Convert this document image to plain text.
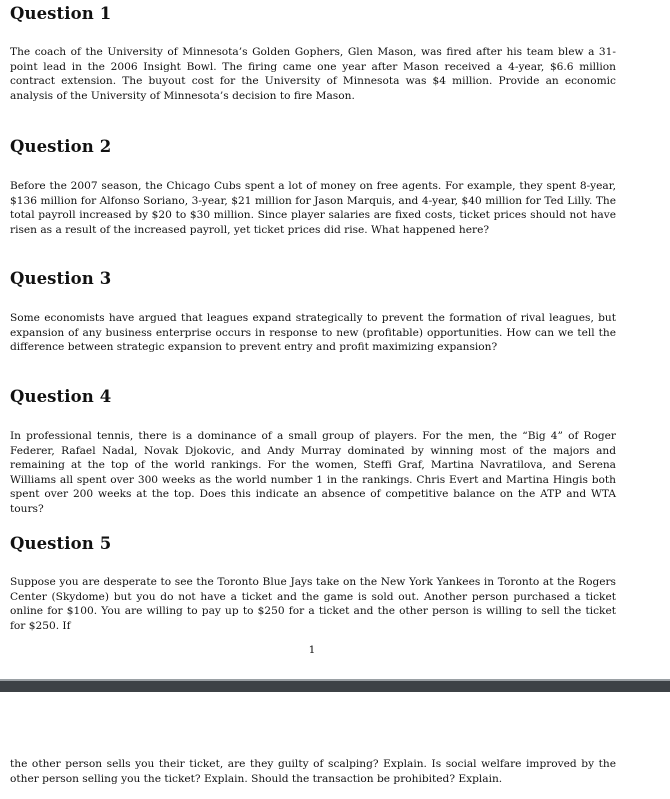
Question 1

The coach of the University of Minnesota’s Golden Gophers, Glen Mason, was fired after his team blew a 31-point lead in the 2006 Insight Bowl. The firing came one year after Mason received a 4-year, $6.6 million contract extension. The buyout cost for the University of Minnesota was $4 million. Provide an economic analysis of the University of Minnesota’s decision to fire Mason.

Question 2

Before the 2007 season, the Chicago Cubs spent a lot of money on free agents. For example, they spent 8-year, $136 million for Alfonso Soriano, 3-year, $21 million for Jason Marquis, and 4-year, $40 million for Ted Lilly. The total payroll increased by $20 to $30 million. Since player salaries are fixed costs, ticket prices should not have risen as a result of the increased payroll, yet ticket prices did rise. What happened here?

Question 3

Some economists have argued that leagues expand strategically to prevent the formation of rival leagues, but expansion of any business enterprise occurs in response to new (profitable) opportunities. How can we tell the difference between strategic expansion to prevent entry and profit maximizing expansion?

Question 4

In professional tennis, there is a dominance of a small group of players. For the men, the “Big 4” of Roger Federer, Rafael Nadal, Novak Djokovic, and Andy Murray dominated by winning most of the majors and remaining at the top of the world rankings. For the women, Steffi Graf, Martina Navratilova, and Serena Williams all spent over 300 weeks as the world number 1 in the rankings. Chris Evert and Martina Hingis both spent over 200 weeks at the top. Does this indicate an absence of competitive balance on the ATP and WTA tours?

Question 5

Suppose you are desperate to see the Toronto Blue Jays take on the New York Yankees in Toronto at the Rogers Center (Skydome) but you do not have a ticket and the game is sold out. Another person purchased a ticket online for $100. You are willing to pay up to $250 for a ticket and the other person is willing to sell the ticket for $250. If

1

the other person sells you their ticket, are they guilty of scalping? Explain. Is social welfare improved by the other person selling you the ticket? Explain. Should the transaction be prohibited? Explain.
